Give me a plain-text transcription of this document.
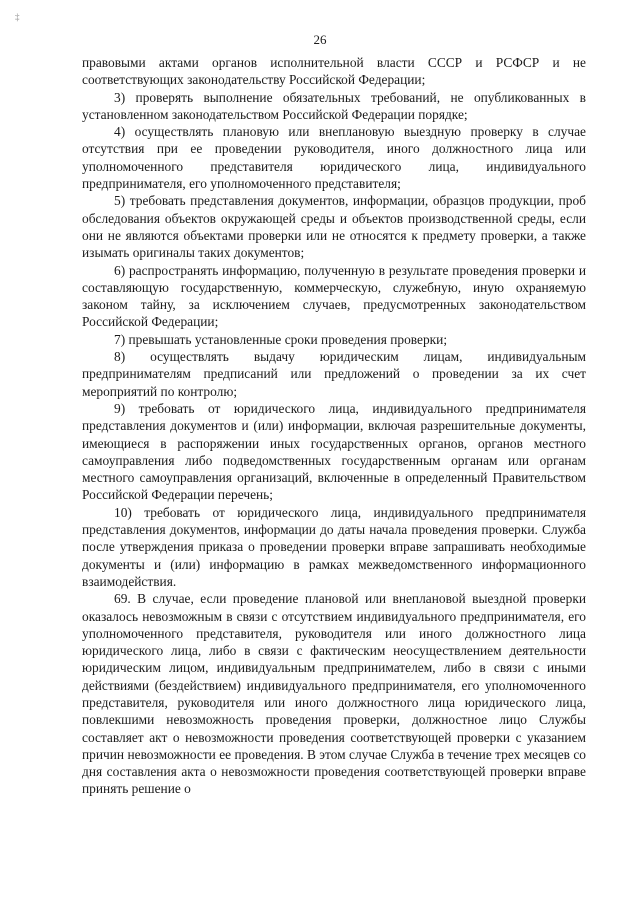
‡
26

правовыми актами органов исполнительной власти СССР и РСФСР и не соответствующих законодательству Российской Федерации;

3) проверять выполнение обязательных требований, не опубликованных в установленном законодательством Российской Федерации порядке;

4) осуществлять плановую или внеплановую выездную проверку в случае отсутствия при ее проведении руководителя, иного должностного лица или уполномоченного представителя юридического лица, индивидуального предпринимателя, его уполномоченного представителя;

5) требовать представления документов, информации, образцов продукции, проб обследования объектов окружающей среды и объектов производственной среды, если они не являются объектами проверки или не относятся к предмету проверки, а также изымать оригиналы таких документов;

6) распространять информацию, полученную в результате проведения проверки и составляющую государственную, коммерческую, служебную, иную охраняемую законом тайну, за исключением случаев, предусмотренных законодательством Российской Федерации;

7) превышать установленные сроки проведения проверки;

8) осуществлять выдачу юридическим лицам, индивидуальным предпринимателям предписаний или предложений о проведении за их счет мероприятий по контролю;

9) требовать от юридического лица, индивидуального предпринимателя представления документов и (или) информации, включая разрешительные документы, имеющиеся в распоряжении иных государственных органов, органов местного самоуправления либо подведомственных государственным органам или органам местного самоуправления организаций, включенные в определенный Правительством Российской Федерации перечень;

10) требовать от юридического лица, индивидуального предпринимателя представления документов, информации до даты начала проведения проверки. Служба после утверждения приказа о проведении проверки вправе запрашивать необходимые документы и (или) информацию в рамках межведомственного информационного взаимодействия.

69. В случае, если проведение плановой или внеплановой выездной проверки оказалось невозможным в связи с отсутствием индивидуального предпринимателя, его уполномоченного представителя, руководителя или иного должностного лица юридического лица, либо в связи с фактическим неосуществлением деятельности юридическим лицом, индивидуальным предпринимателем, либо в связи с иными действиями (бездействием) индивидуального предпринимателя, его уполномоченного представителя, руководителя или иного должностного лица юридического лица, повлекшими невозможность проведения проверки, должностное лицо Службы составляет акт о невозможности проведения соответствующей проверки с указанием причин невозможности ее проведения. В этом случае Служба в течение трех месяцев со дня составления акта о невозможности проведения соответствующей проверки вправе принять решение о
